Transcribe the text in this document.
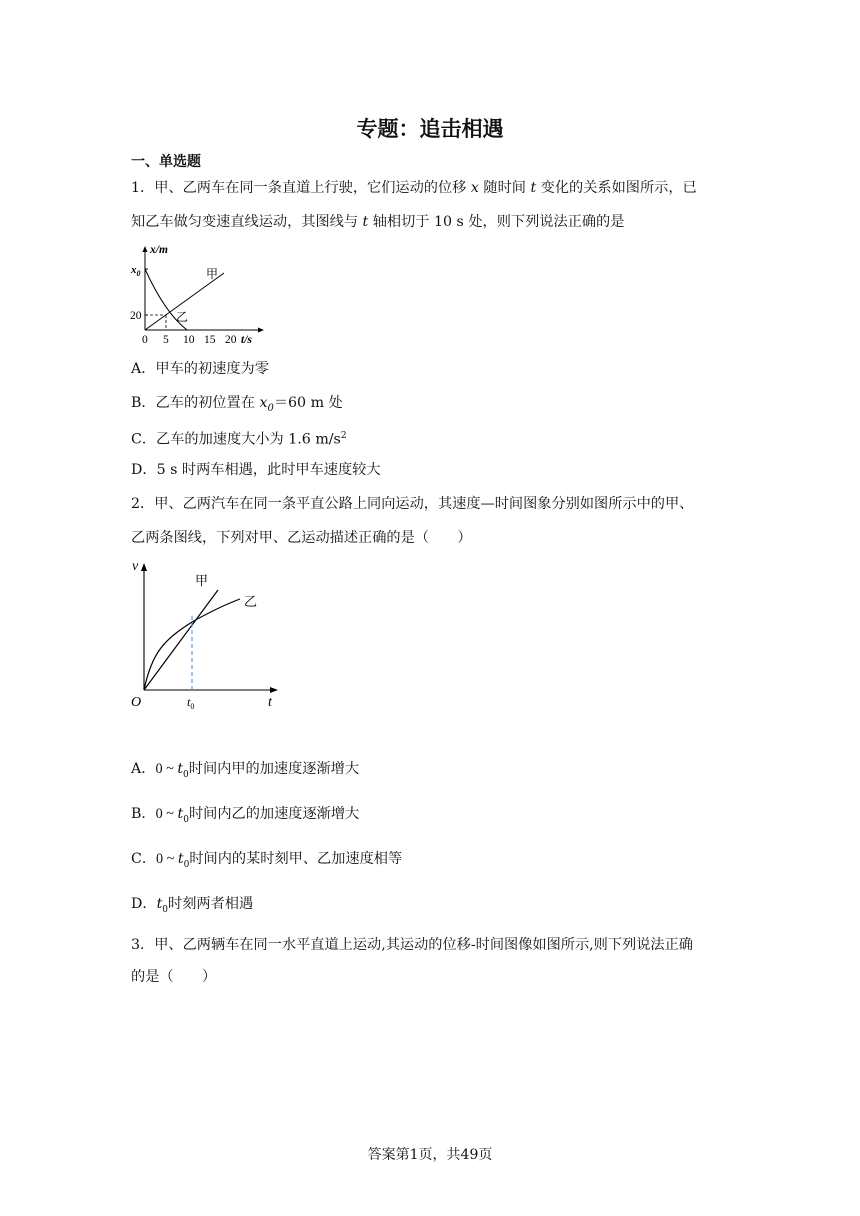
专题：追击相遇
一、单选题
1．甲、乙两车在同一条直道上行驶，它们运动的位移 x 随时间 t 变化的关系如图所示，已
知乙车做匀变速直线运动，其图线与 t 轴相切于 10 s 处，则下列说法正确的是
x/m
$x_0$
20
甲
乙
0 5 10 15 20 t/s
A．甲车的初速度为零
B．乙车的初位置在 $x_0=60$ m 处
C．乙车的加速度大小为 1.6 $m/s^2$
D．5 s 时两车相遇，此时甲车速度较大
2．甲、乙两汽车在同一条平直公路上同向运动，其速度—时间图象分别如图所示中的甲、
乙两条图线，下列对甲、乙运动描述正确的是（　　）
v
t
O	$t_0$
甲
乙
A．0 ~ $t_0$时间内甲的加速度逐渐增大
B．0 ~ $t_0$时间内乙的加速度逐渐增大
C．0 ~ $t_0$时间内的某时刻甲、乙加速度相等
D．$t_0$时刻两者相遇
3．甲、乙两辆车在同一水平直道上运动,其运动的位移-时间图像如图所示,则下列说法正确
的是（　　）
答案第1页，共49页
